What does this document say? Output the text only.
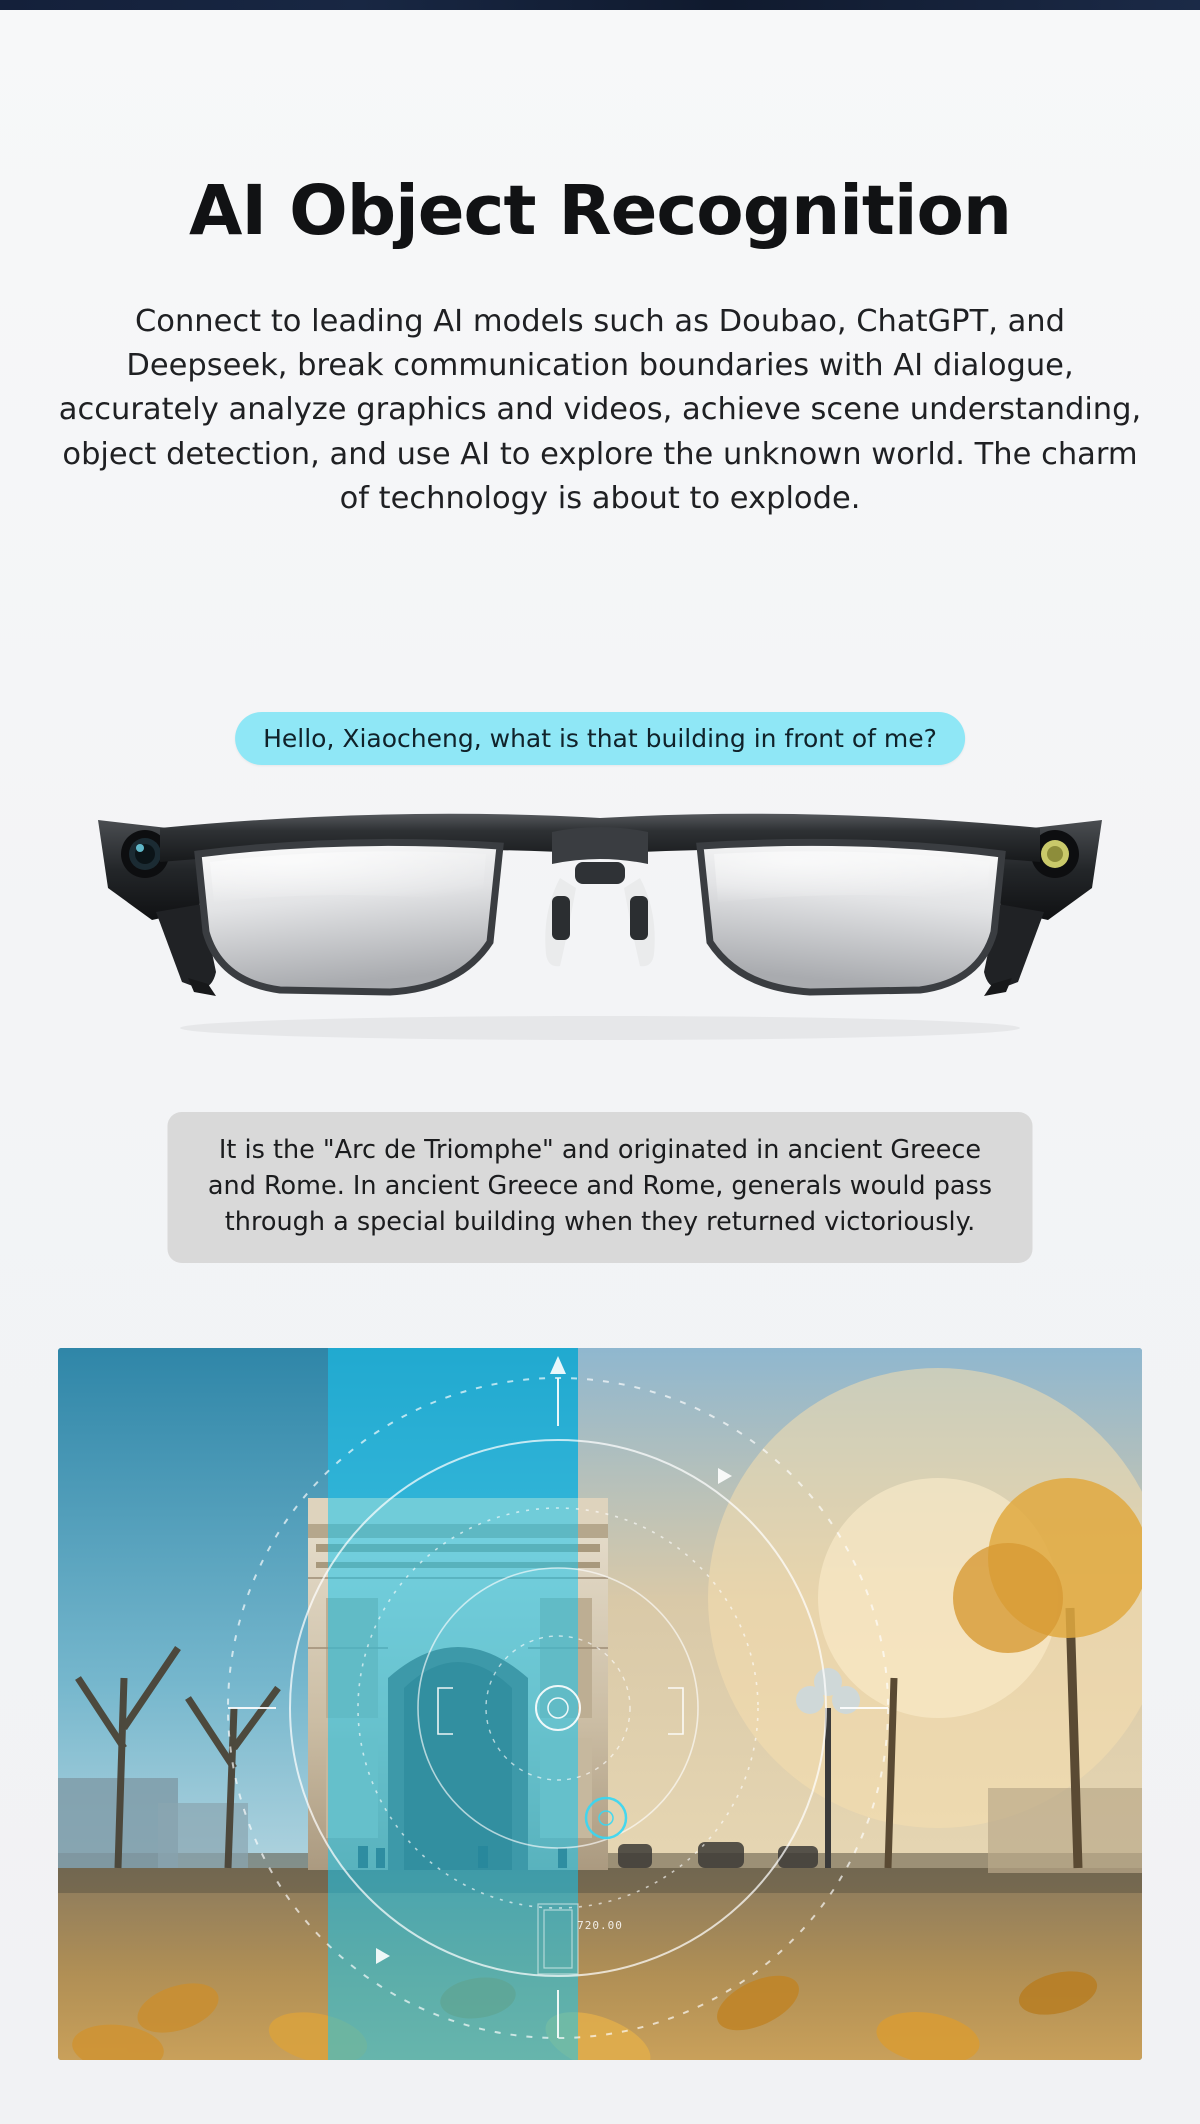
AI Object Recognition
Connect to leading AI models such as Doubao, ChatGPT, and Deepseek, break communication boundaries with AI dialogue, accurately analyze graphics and videos, achieve scene understanding, object detection, and use AI to explore the unknown world. The charm of technology is about to explode.
Hello, Xiaocheng, what is that building in front of me?
It is the "Arc de Triomphe" and originated in ancient Greece and Rome. In ancient Greece and Rome, generals would pass through a special building when they returned victoriously.
720.00
